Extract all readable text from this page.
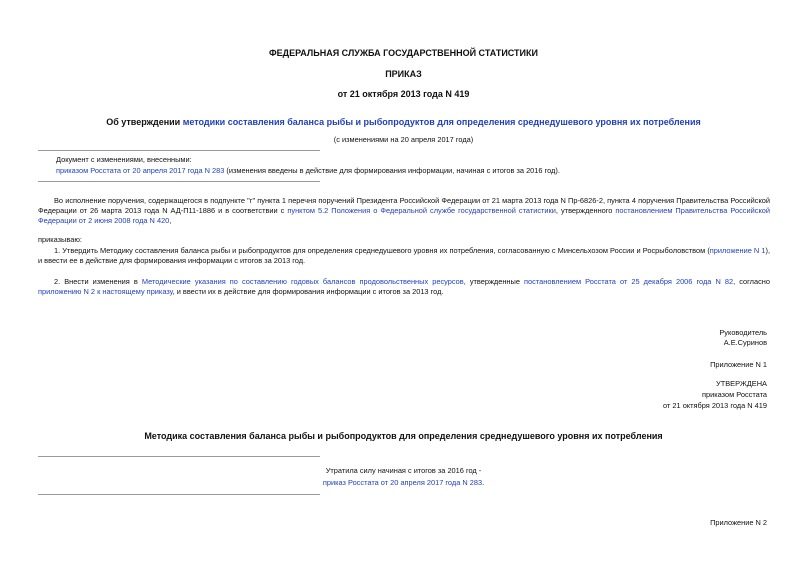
ФЕДЕРАЛЬНАЯ СЛУЖБА ГОСУДАРСТВЕННОЙ СТАТИСТИКИ
ПРИКАЗ
от 21 октября 2013 года N 419
Об утверждении методики составления баланса рыбы и рыбопродуктов для определения среднедушевого уровня их потребления
(с изменениями на 20 апреля 2017 года)
Документ с изменениями, внесенными:
приказом Росстата от 20 апреля 2017 года N 283 (изменения введены в действие для формирования информации, начиная с итогов за 2016 год).
Во исполнение поручения, содержащегося в подпункте "г" пункта 1 перечня поручений Президента Российской Федерации от 21 марта 2013 года N Пр-6826-2, пункта 4 поручения Правительства Российской Федерации от 26 марта 2013 года N АД-П11-1886 и в соответствии с пунктом 5.2 Положения о Федеральной службе государственной статистики, утвержденного постановлением Правительства Российской Федерации от 2 июня 2008 года N 420,
приказываю:
1. Утвердить Методику составления баланса рыбы и рыбопродуктов для определения среднедушевого уровня их потребления, согласованную с Минсельхозом России и Росрыболовством (приложение N 1), и ввести ее в действие для формирования информации с итогов за 2013 год.
2. Внести изменения в Методические указания по составлению годовых балансов продовольственных ресурсов, утвержденные постановлением Росстата от 25 декабря 2006 года N 82, согласно приложению N 2 к настоящему приказу, и ввести их в действие для формирования информации с итогов за 2013 год.
Руководитель
А.Е.Суринов
Приложение N 1
УТВЕРЖДЕНА
приказом Росстата
от 21 октября 2013 года N 419
Методика составления баланса рыбы и рыбопродуктов для определения среднедушевого уровня их потребления
Утратила силу начиная с итогов за 2016 год -
приказ Росстата от 20 апреля 2017 года N 283.
Приложение N 2
